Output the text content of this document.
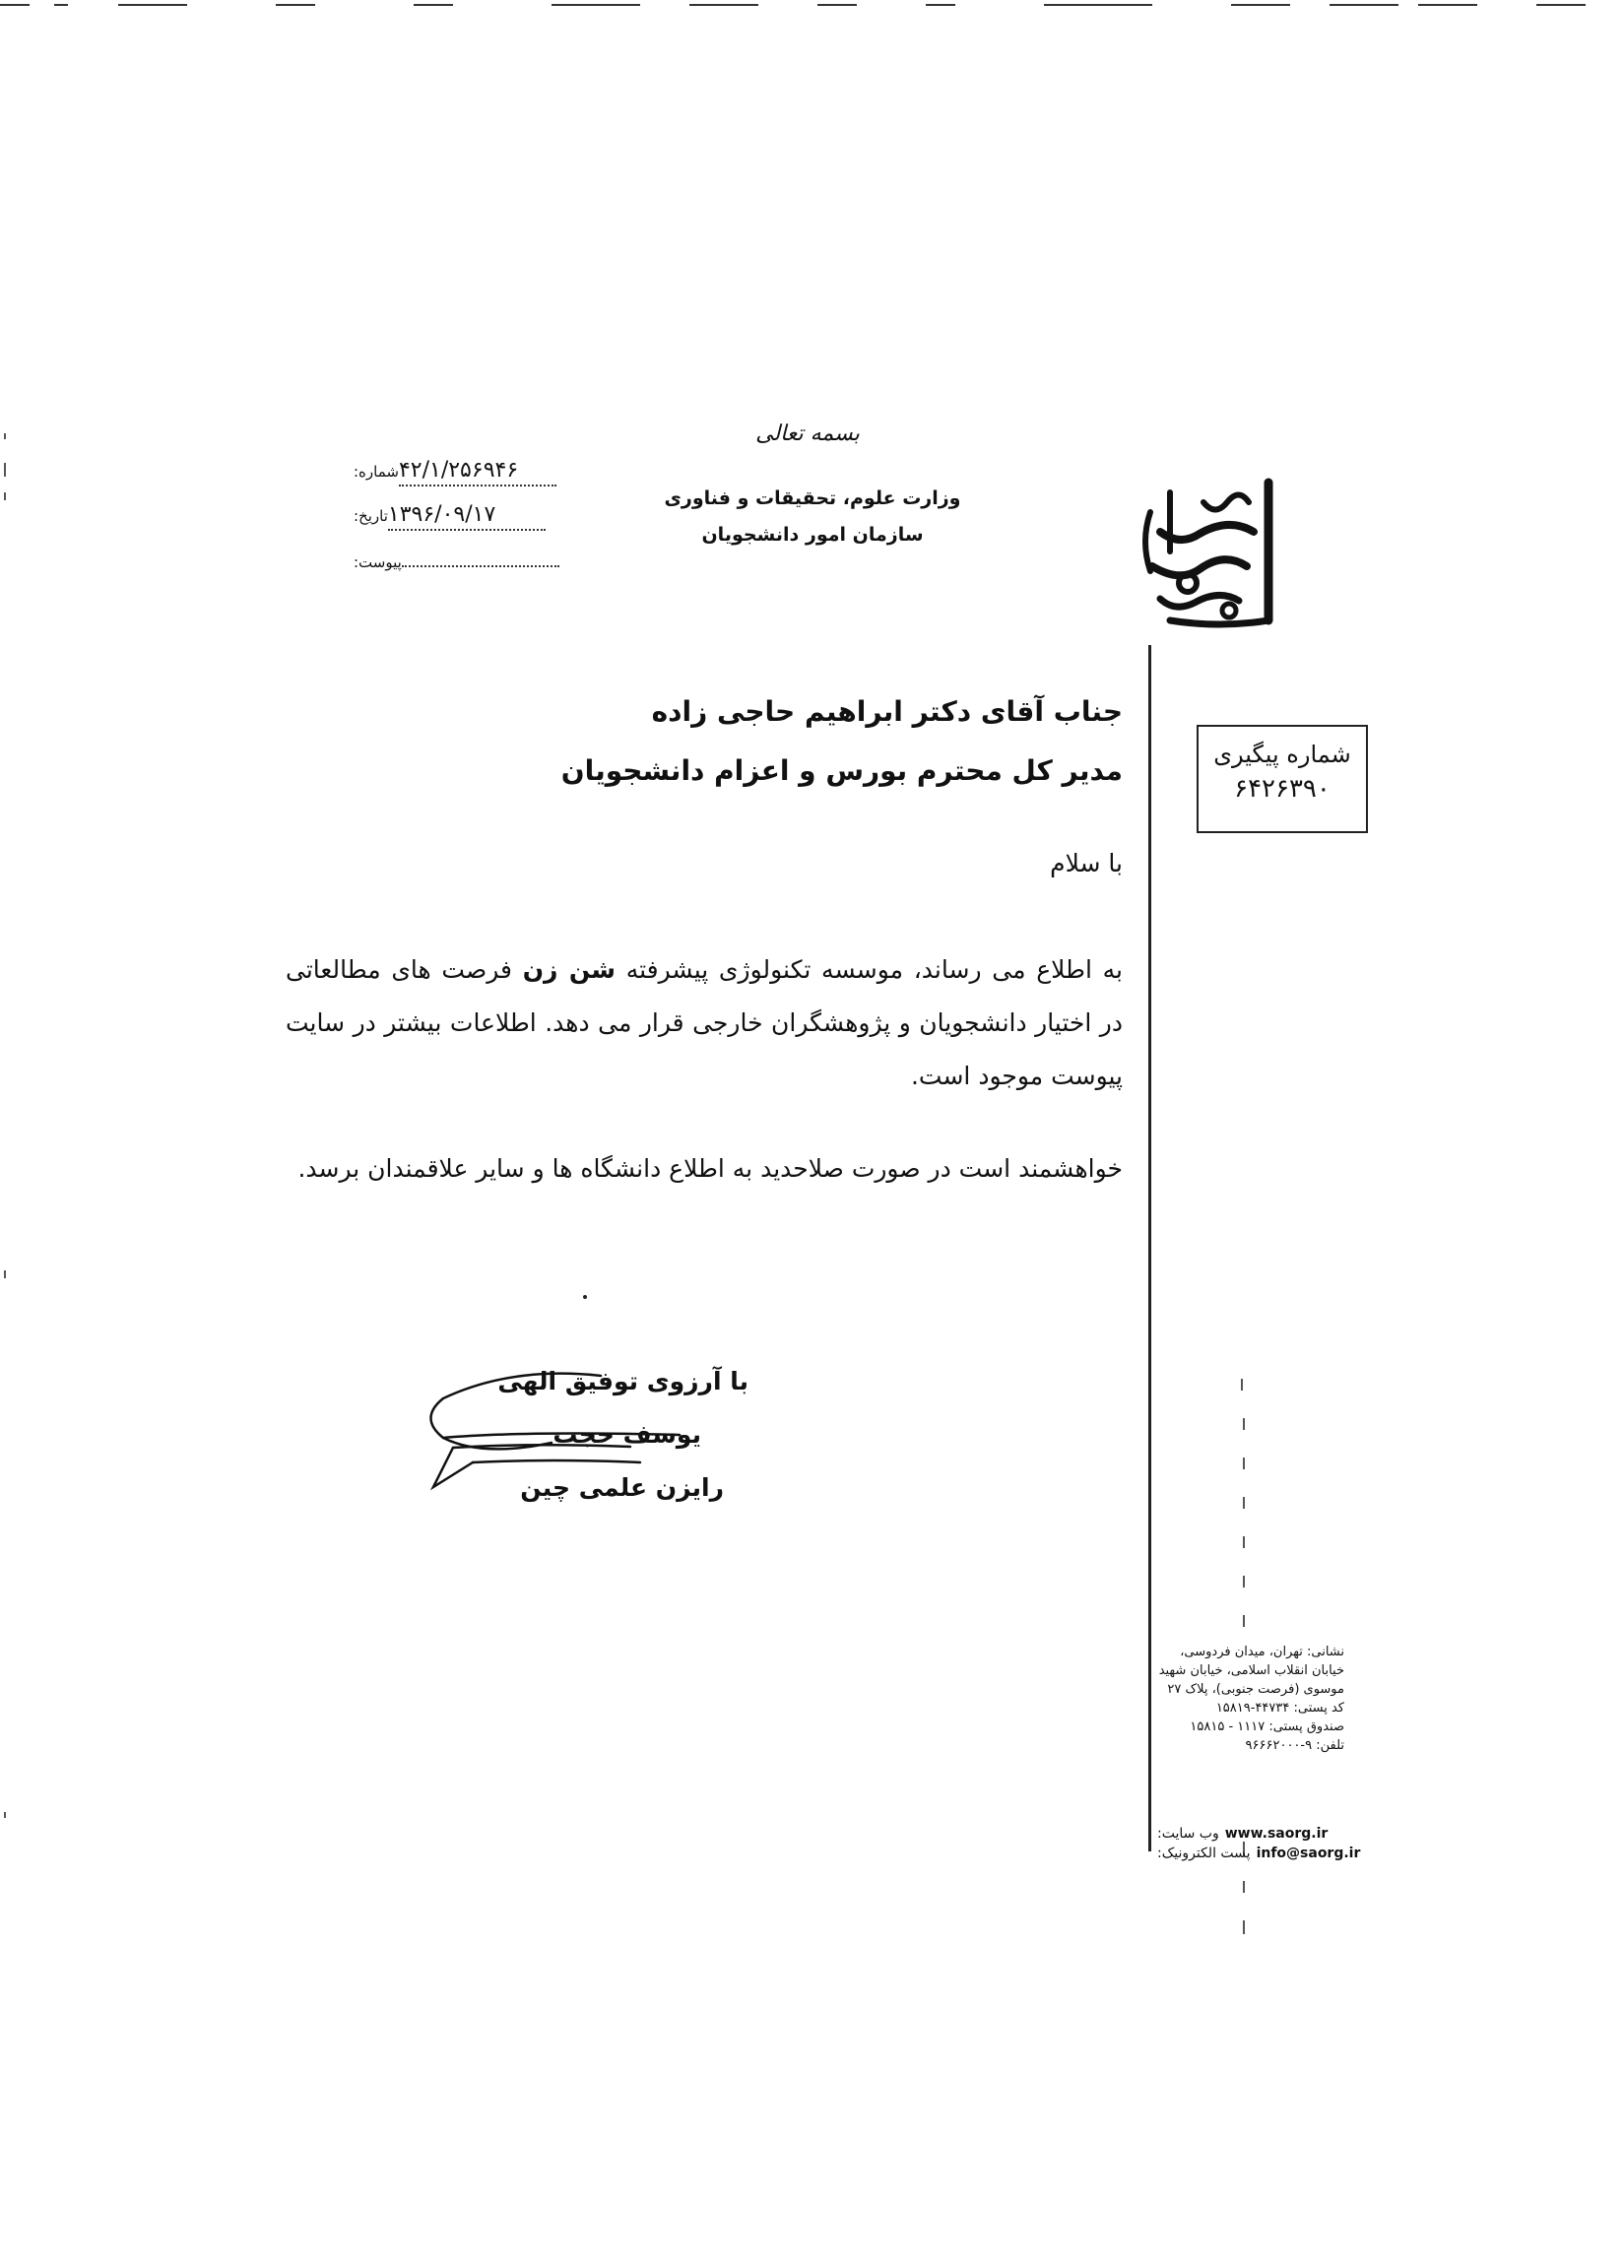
بسمه تعالی
وزارت علوم، تحقیقات و فناوری
سازمان امور دانشجویان
شماره: ۴۲/۱/۲۵۶۹۴۶
تاریخ: ۱۳۹۶/۰۹/۱۷
پیوست:
شماره پیگیری
۶۴۲۶۳۹۰
جناب آقای دکتر ابراهیم حاجی زاده
مدیر کل محترم بورس و اعزام دانشجویان
با سلام
به اطلاع می رساند، موسسه تکنولوژی پیشرفته شن زن فرصت های مطالعاتی در اختیار دانشجویان و پژوهشگران خارجی قرار می دهد. اطلاعات بیشتر در سایت پیوست موجود است.
خواهشمند است در صورت صلاحدید به اطلاع دانشگاه ها و سایر علاقمندان برسد.
با آرزوی توفیق الهی
یوسف حجت
رایزن علمی چین
نشانی: تهران، میدان فردوسی،
خیابان انقلاب اسلامی، خیابان شهید
موسوی (فرصت جنوبی)، پلاک ۲۷
کد پستی: ۴۴۷۳۴-۱۵۸۱۹
صندوق پستی: ۱۱۱۷ - ۱۵۸۱۵
تلفن: ۹-۹۶۶۶۲۰۰۰
وب سایت: www.saorg.ir
پست الکترونیک: info@saorg.ir
